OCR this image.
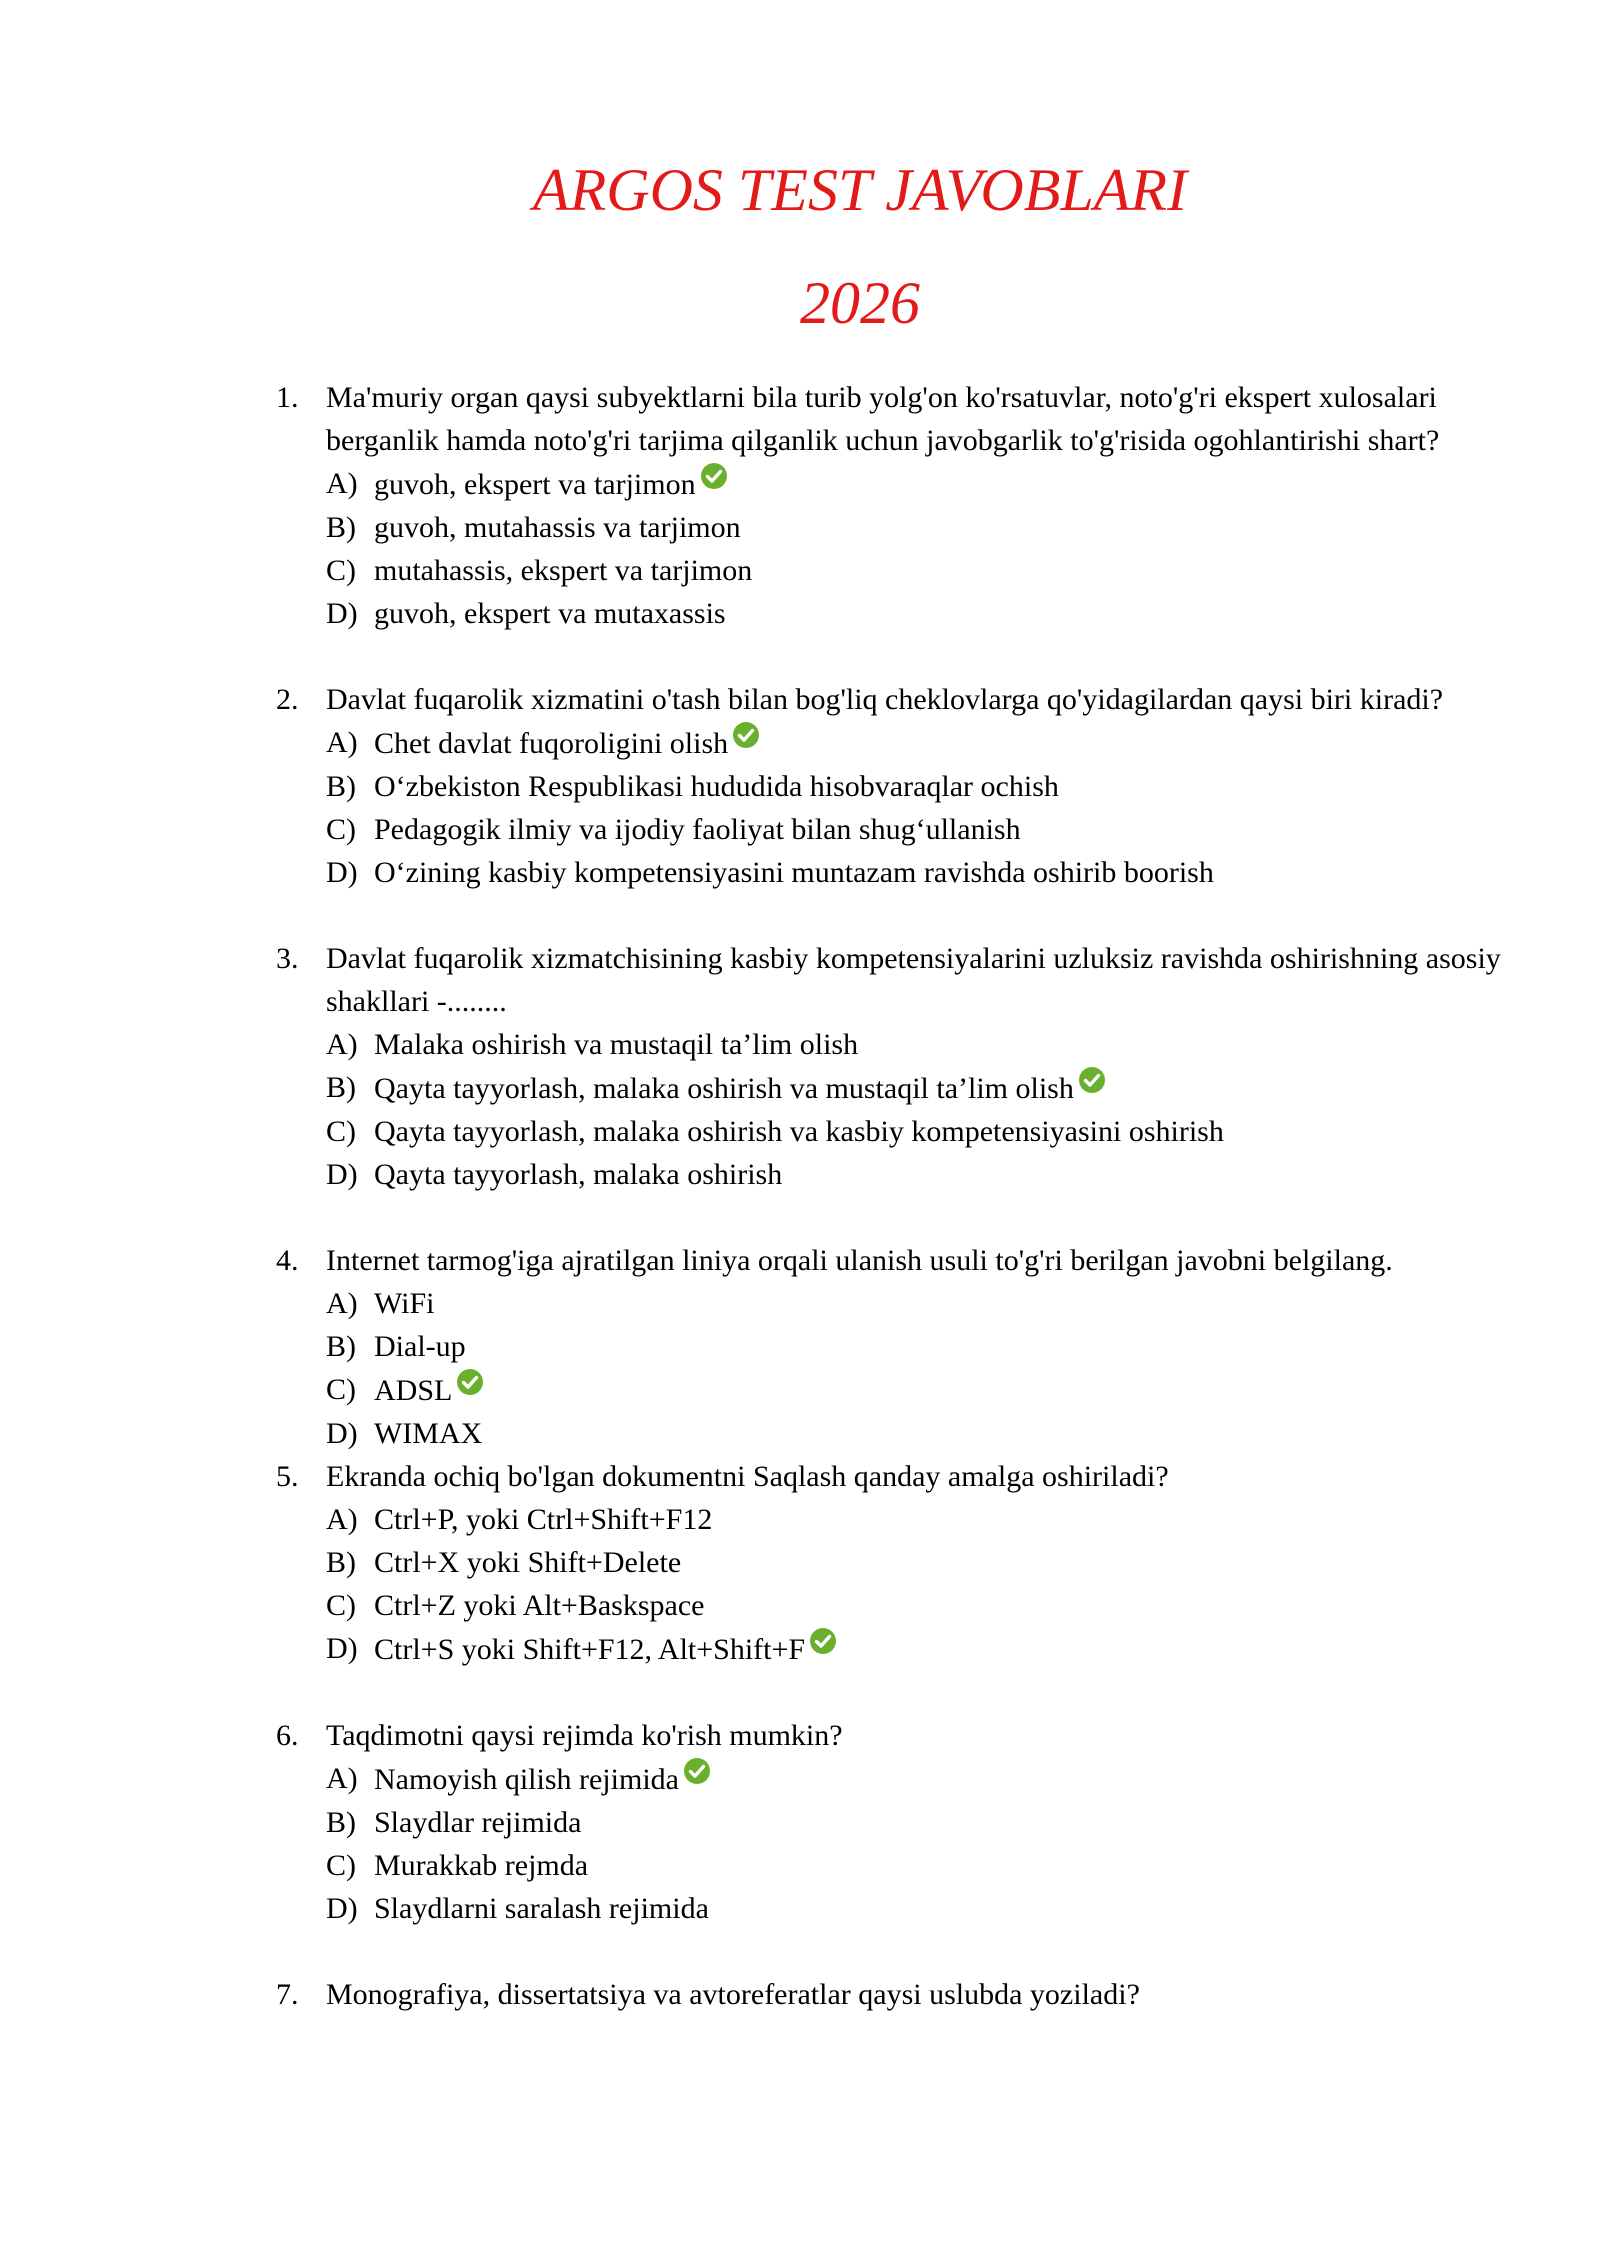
ARGOS TEST JAVOBLARI
2026
1. Ma'muriy organ qaysi subyektlarni bila turib yolg'on ko'rsatuvlar, noto'g'ri ekspert xulosalari berganlik hamda noto'g'ri tarjima qilganlik uchun javobgarlik to'g'risida ogohlantirishi shart?
A) guvoh, ekspert va tarjimon
B) guvoh, mutahassis va tarjimon
C) mutahassis, ekspert va tarjimon
D) guvoh, ekspert va mutaxassis
2. Davlat fuqarolik xizmatini o'tash bilan bog'liq cheklovlarga qo'yidagilardan qaysi biri kiradi?
A) Chet davlat fuqoroligini olish
B) O‘zbekiston Respublikasi hududida hisobvaraqlar ochish
C) Pedagogik ilmiy va ijodiy faoliyat bilan shug‘ullanish
D) O‘zining kasbiy kompetensiyasini muntazam ravishda oshirib boorish
3. Davlat fuqarolik xizmatchisining kasbiy kompetensiyalarini uzluksiz ravishda oshirishning asosiy shakllari -........
A) Malaka oshirish va mustaqil ta’lim olish
B) Qayta tayyorlash, malaka oshirish va mustaqil ta’lim olish
C) Qayta tayyorlash, malaka oshirish va kasbiy kompetensiyasini oshirish
D) Qayta tayyorlash, malaka oshirish
4. Internet tarmog'iga ajratilgan liniya orqali ulanish usuli to'g'ri berilgan javobni belgilang.
A) WiFi
B) Dial-up
C) ADSL
D) WIMAX
5. Ekranda ochiq bo'lgan dokumentni Saqlash qanday amalga oshiriladi?
A) Ctrl+P, yoki Ctrl+Shift+F12
B) Ctrl+X yoki Shift+Delete
C) Ctrl+Z yoki Alt+Baskspace
D) Ctrl+S yoki Shift+F12, Alt+Shift+F
6. Taqdimotni qaysi rejimda ko'rish mumkin?
A) Namoyish qilish rejimida
B) Slaydlar rejimida
C) Murakkab rejmda
D) Slaydlarni saralash rejimida
7. Monografiya, dissertatsiya va avtoreferatlar qaysi uslubda yoziladi?
